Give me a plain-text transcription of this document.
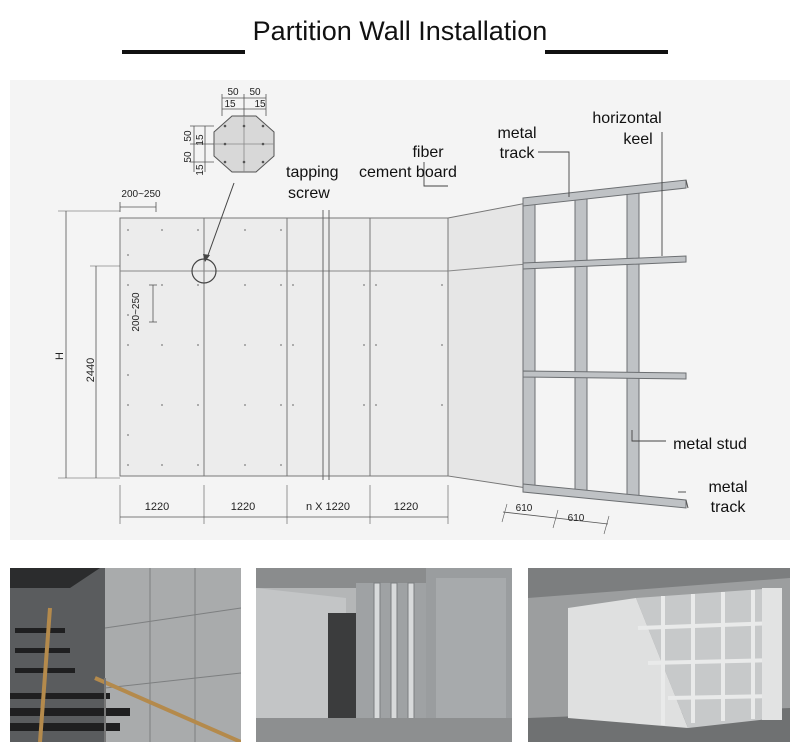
Partition Wall Installation
50 50
15 15
50
50
15
15
200~250
200~250
H
2440
1220	1220	n X 1220	1220	610
610
tapping
screw
fiber
cement board
metal
track
horizontal
keel
metal stud
metal
track
